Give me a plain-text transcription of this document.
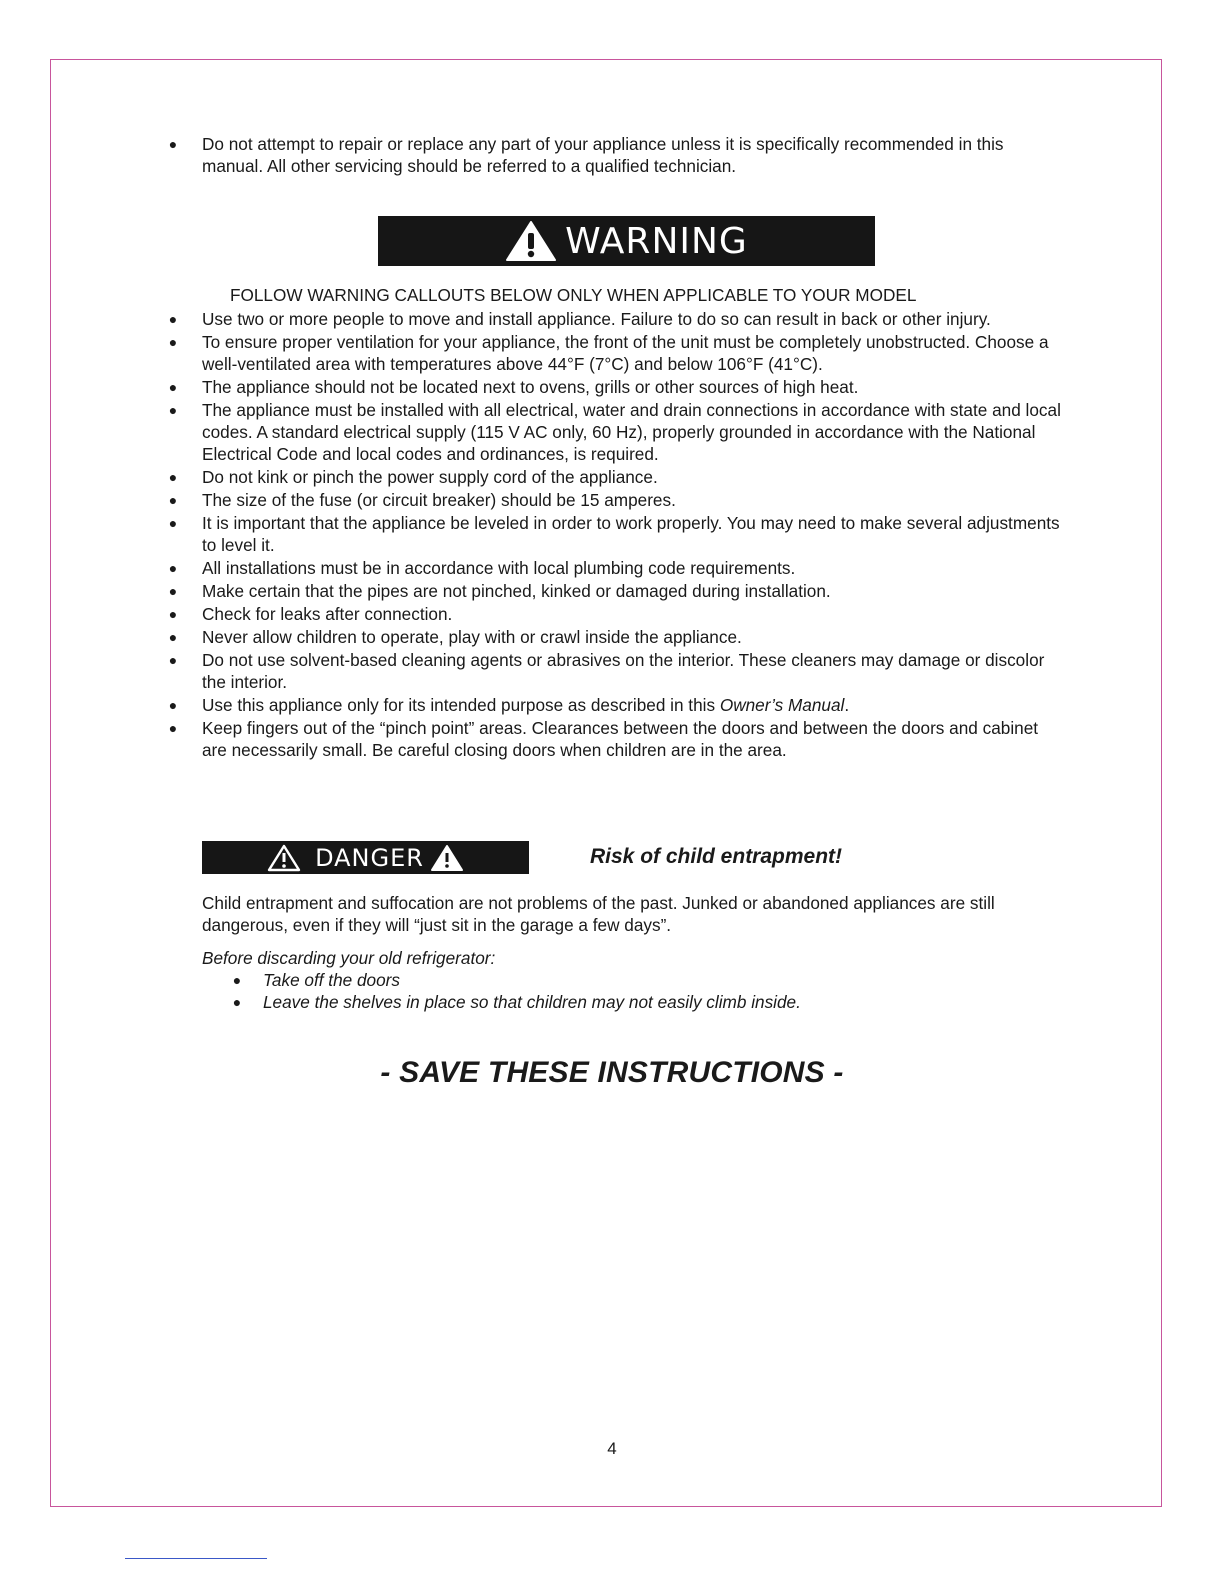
● Do not attempt to repair or replace any part of your appliance unless it is specifically recommended in this manual. All other servicing should be referred to a qualified technician.
WARNING
FOLLOW WARNING CALLOUTS BELOW ONLY WHEN APPLICABLE TO YOUR MODEL
● Use two or more people to move and install appliance. Failure to do so can result in back or other injury.
● To ensure proper ventilation for your appliance, the front of the unit must be completely unobstructed. Choose a well-ventilated area with temperatures above 44°F (7°C) and below 106°F (41°C).
● The appliance should not be located next to ovens, grills or other sources of high heat.
● The appliance must be installed with all electrical, water and drain connections in accordance with state and local codes. A standard electrical supply (115 V AC only, 60 Hz), properly grounded in accordance with the National Electrical Code and local codes and ordinances, is required.
● Do not kink or pinch the power supply cord of the appliance.
● The size of the fuse (or circuit breaker) should be 15 amperes.
● It is important that the appliance be leveled in order to work properly. You may need to make several adjustments to level it.
● All installations must be in accordance with local plumbing code requirements.
● Make certain that the pipes are not pinched, kinked or damaged during installation.
● Check for leaks after connection.
● Never allow children to operate, play with or crawl inside the appliance.
● Do not use solvent-based cleaning agents or abrasives on the interior. These cleaners may damage or discolor the interior.
● Use this appliance only for its intended purpose as described in this Owner’s Manual.
● Keep fingers out of the “pinch point” areas. Clearances between the doors and between the doors and cabinet are necessarily small. Be careful closing doors when children are in the area.
DANGER	Risk of child entrapment!
Child entrapment and suffocation are not problems of the past. Junked or abandoned appliances are still dangerous, even if they will “just sit in the garage a few days”.
Before discarding your old refrigerator:
● Take off the doors
● Leave the shelves in place so that children may not easily climb inside.
- SAVE THESE INSTRUCTIONS -
4
